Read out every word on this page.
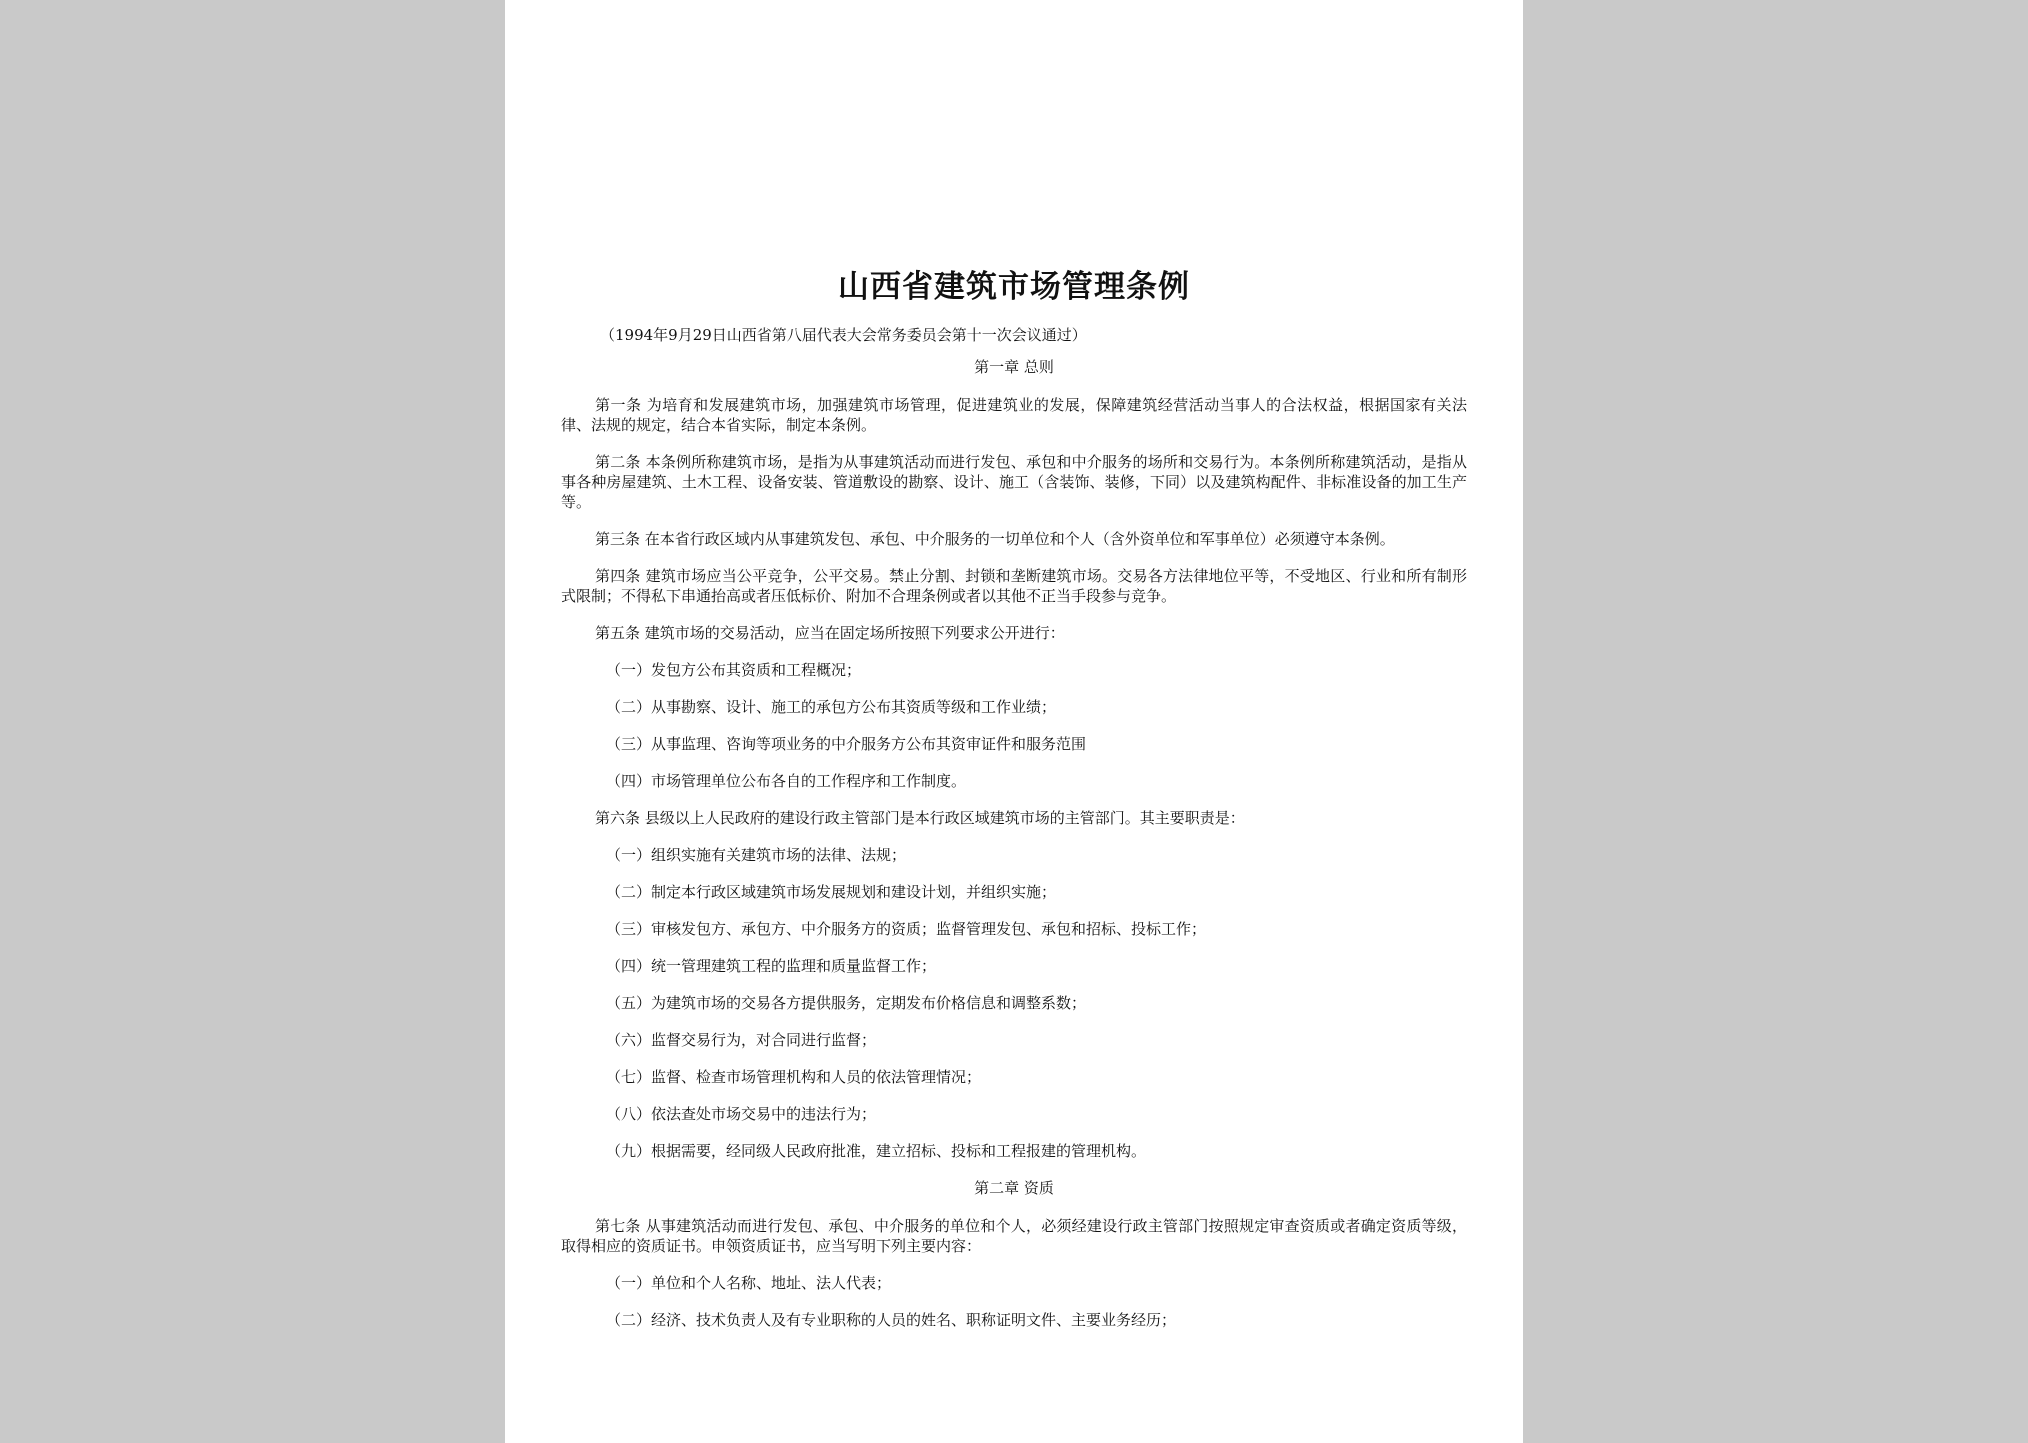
山西省建筑市场管理条例
（1994年9月29日山西省第八届代表大会常务委员会第十一次会议通过）
第一章 总则
第一条 为培育和发展建筑市场，加强建筑市场管理，促进建筑业的发展，保障建筑经营活动当事人的合法权益，根据国家有关法律、法规的规定，结合本省实际，制定本条例。
第二条 本条例所称建筑市场，是指为从事建筑活动而进行发包、承包和中介服务的场所和交易行为。本条例所称建筑活动，是指从事各种房屋建筑、土木工程、设备安装、管道敷设的勘察、设计、施工（含装饰、装修，下同）以及建筑构配件、非标准设备的加工生产等。
第三条 在本省行政区域内从事建筑发包、承包、中介服务的一切单位和个人（含外资单位和军事单位）必须遵守本条例。
第四条 建筑市场应当公平竞争，公平交易。禁止分割、封锁和垄断建筑市场。交易各方法律地位平等，不受地区、行业和所有制形式限制；不得私下串通抬高或者压低标价、附加不合理条例或者以其他不正当手段参与竞争。
第五条 建筑市场的交易活动，应当在固定场所按照下列要求公开进行：
（一）发包方公布其资质和工程概况；
（二）从事勘察、设计、施工的承包方公布其资质等级和工作业绩；
（三）从事监理、咨询等项业务的中介服务方公布其资审证件和服务范围
（四）市场管理单位公布各自的工作程序和工作制度。
第六条 县级以上人民政府的建设行政主管部门是本行政区域建筑市场的主管部门。其主要职责是：
（一）组织实施有关建筑市场的法律、法规；
（二）制定本行政区域建筑市场发展规划和建设计划，并组织实施；
（三）审核发包方、承包方、中介服务方的资质；监督管理发包、承包和招标、投标工作；
（四）统一管理建筑工程的监理和质量监督工作；
（五）为建筑市场的交易各方提供服务，定期发布价格信息和调整系数；
（六）监督交易行为，对合同进行监督；
（七）监督、检查市场管理机构和人员的依法管理情况；
（八）依法查处市场交易中的违法行为；
（九）根据需要，经同级人民政府批准，建立招标、投标和工程报建的管理机构。
第二章 资质
第七条 从事建筑活动而进行发包、承包、中介服务的单位和个人，必须经建设行政主管部门按照规定审查资质或者确定资质等级，取得相应的资质证书。申领资质证书，应当写明下列主要内容：
（一）单位和个人名称、地址、法人代表；
（二）经济、技术负责人及有专业职称的人员的姓名、职称证明文件、主要业务经历；
